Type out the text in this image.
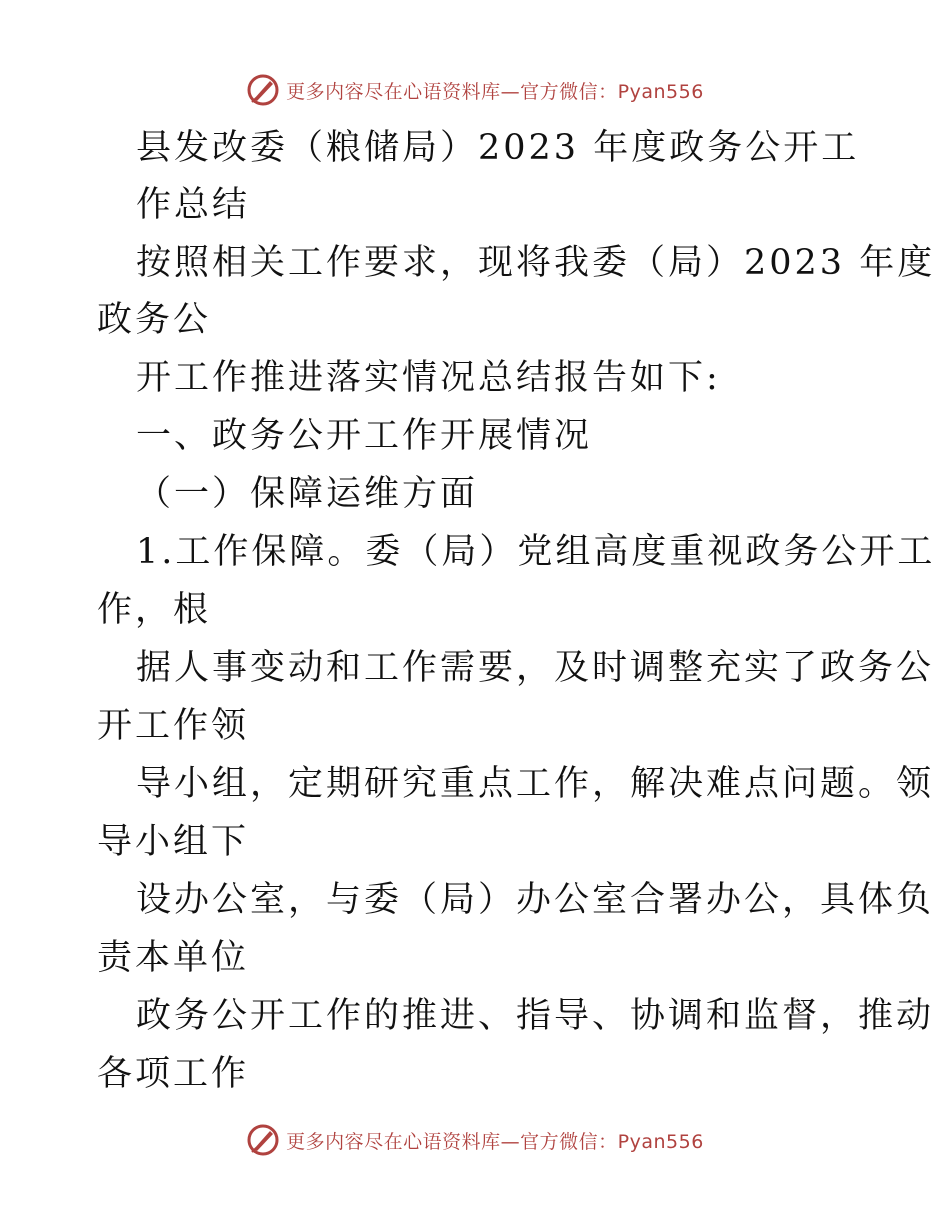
更多内容尽在心语资料库—官方微信：Pyan556
县发改委（粮储局）2023 年度政务公开工
作总结
按照相关工作要求，现将我委（局）2023 年度
政务公
开工作推进落实情况总结报告如下:
一、政务公开工作开展情况
（一）保障运维方面
1.工作保障。委（局）党组高度重视政务公开工
作，根
据人事变动和工作需要，及时调整充实了政务公
开工作领
导小组，定期研究重点工作，解决难点问题。领
导小组下
设办公室，与委（局）办公室合署办公，具体负
责本单位
政务公开工作的推进、指导、协调和监督，推动
各项工作
更多内容尽在心语资料库—官方微信：Pyan556
